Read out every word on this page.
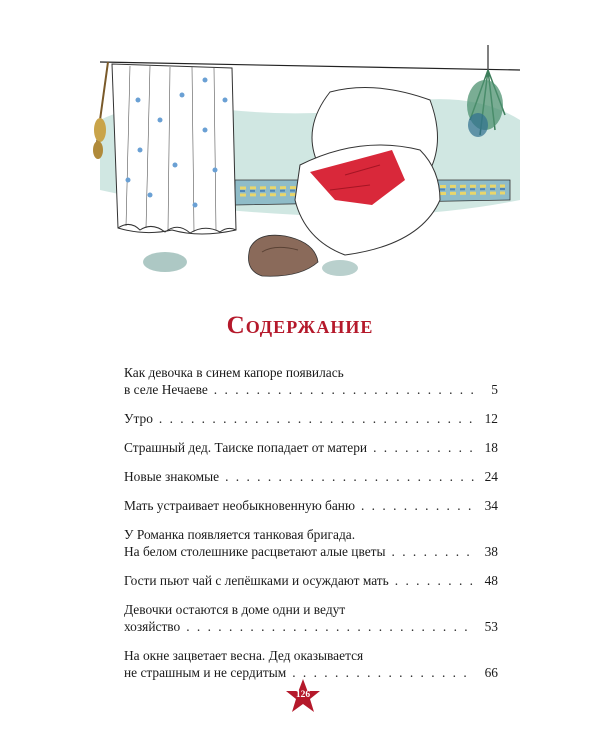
Содержание
Как девочка в синем капоре появилась
в селе Нечаеве . . .	5
Утро . . .	12
Страшный дед. Таиске попадает от матери . . .	18
Новые знакомые . . .	24
Мать устраивает необыкновенную баню . . .	34
У Романка появляется танковая бригада.
На белом столешнике расцветают алые цветы . . .	38
Гости пьют чай с лепёшками и осуждают мать . . .	48
Девочки остаются в доме одни и ведут
хозяйство . . .	53
На окне зацветает весна. Дед оказывается
не страшным и не сердитым . . .	66
126
